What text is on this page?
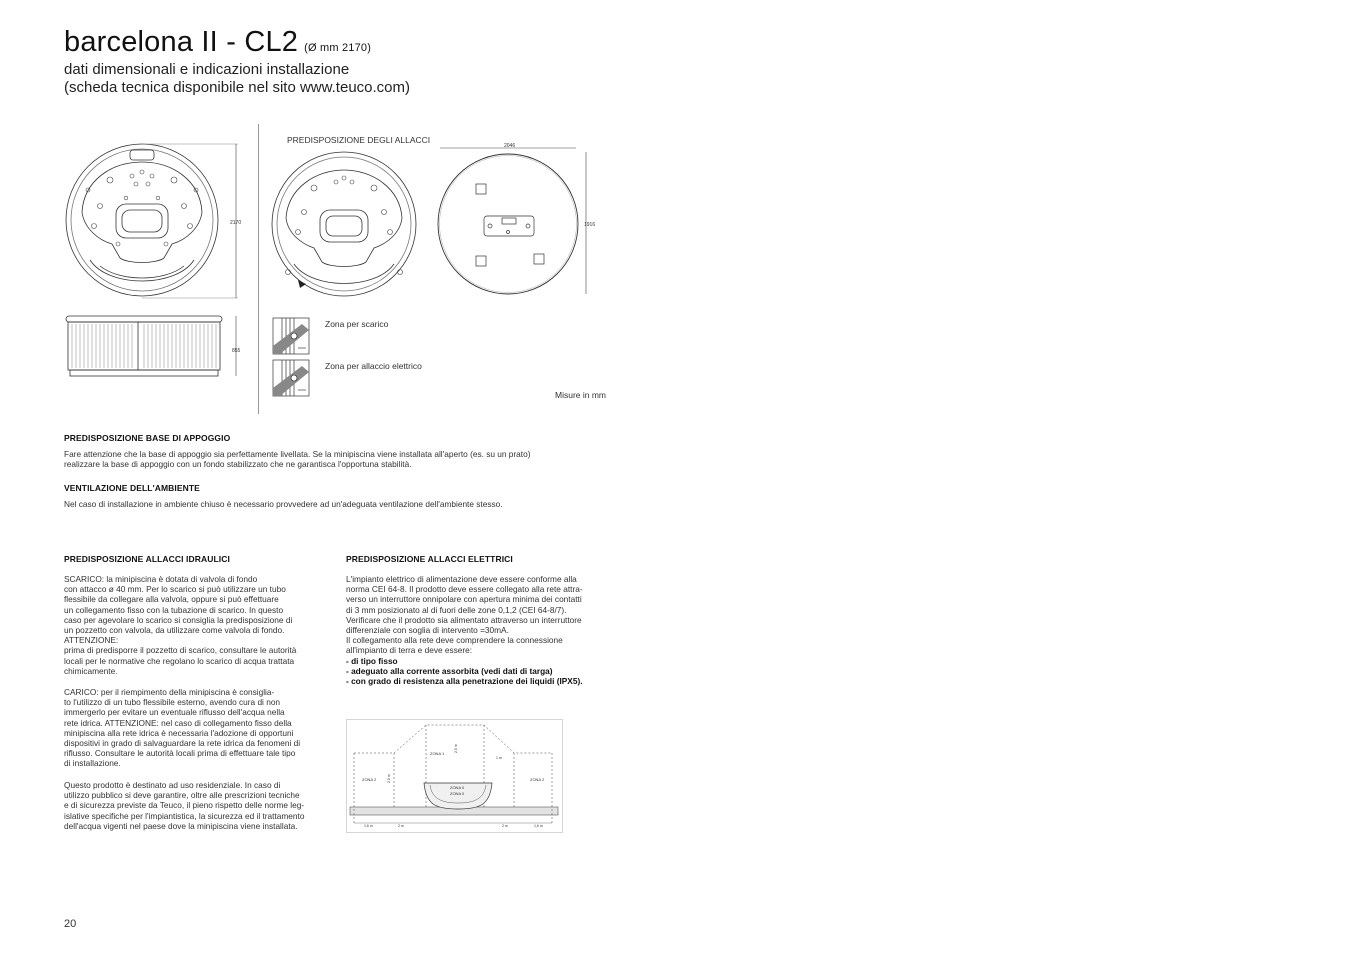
barcelona II - CL2 (Ø mm 2170)
dati dimensionali e indicazioni installazione
(scheda tecnica disponibile nel sito www.teuco.com)
2170
855
PREDISPOSIZIONE DEGLI ALLACCI
2046
1916
Zona per scarico
Zona per allaccio elettrico
Misure in mm
PREDISPOSIZIONE BASE DI APPOGGIO
Fare attenzione che la base di appoggio sia perfettamente livellata. Se la minipiscina viene installata all'aperto (es. su un prato)
realizzare la base di appoggio con un fondo stabilizzato che ne garantisca l'opportuna stabilità.
VENTILAZIONE DELL'AMBIENTE
Nel caso di installazione in ambiente chiuso è necessario provvedere ad un'adeguata ventilazione dell'ambiente stesso.
PREDISPOSIZIONE ALLACCI IDRAULICI
SCARICO: la minipiscina è dotata di valvola di fondo
con attacco ø 40 mm. Per lo scarico si può utilizzare un tubo
flessibile da collegare alla valvola, oppure si può effettuare
un collegamento fisso con la tubazione di scarico. In questo
caso per agevolare lo scarico si consiglia la predisposizione di
un pozzetto con valvola, da utilizzare come valvola di fondo.
ATTENZIONE:
prima di predisporre il pozzetto di scarico, consultare le autorità
locali per le normative che regolano lo scarico di acqua trattata
chimicamente.
CARICO: per il riempimento della minipiscina è consiglia-
to l'utilizzo di un tubo flessibile esterno, avendo cura di non
immergerlo per evitare un eventuale riflusso dell'acqua nella
rete idrica. ATTENZIONE: nel caso di collegamento fisso della
minipiscina alla rete idrica è necessaria l'adozione di opportuni
dispositivi in grado di salvaguardare la rete idrica da fenomeni di
riflusso. Consultare le autorità locali prima di effettuare tale tipo
di installazione.
Questo prodotto è destinato ad uso residenziale. In caso di
utilizzo pubblico si deve garantire, oltre alle prescrizioni tecniche
e di sicurezza previste da Teuco, il pieno rispetto delle norme leg-
islative specifiche per l'impiantistica, la sicurezza ed il trattamento
dell'acqua vigenti nel paese dove la minipiscina viene installata.
PREDISPOSIZIONE ALLACCI ELETTRICI
L'impianto elettrico di alimentazione deve essere conforme alla
norma CEI 64-8. Il prodotto deve essere collegato alla rete attra-
verso un interruttore onnipolare con apertura minima dei contatti
di 3 mm posizionato al di fuori delle zone 0,1,2 (CEI 64-8/7).
Verificare che il prodotto sia alimentato attraverso un interruttore
differenziale con soglia di intervento =30mA.
Il collegamento alla rete deve comprendere la connessione
all'impianto di terra e deve essere:
- di tipo fisso
- adeguato alla corrente assorbita (vedi dati di targa)
- con grado di resistenza alla penetrazione dei liquidi (IPX5).
ZONA 1
ZONA 0
ZONA 0
ZONA 2	ZONA 2
2,5 m
2,5 m
1 m
1,6 m	2 m	2 m	1,6 m
20
